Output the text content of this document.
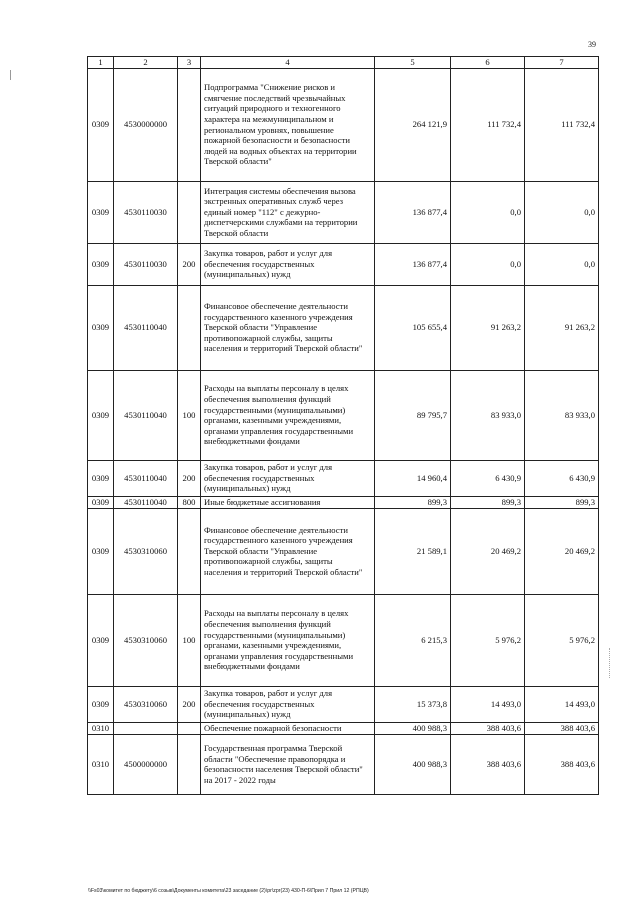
39
1	2	3	4	5	6	7
0309	4530000000		Подпрограмма "Снижение рисков и смягчение последствий чрезвычайных ситуаций природного и техногенного характера на межмуниципальном и региональном уровнях, повышение пожарной безопасности и безопасности людей на водных объектах на территории Тверской области"	264 121,9	111 732,4	111 732,4
0309	4530110030		Интеграция системы обеспечения вызова экстренных оперативных служб через единый номер "112" с дежурно-диспетчерскими службами на территории Тверской области	136 877,4	0,0	0,0
0309	4530110030	200	Закупка товаров, работ и услуг для обеспечения государственных (муниципальных) нужд	136 877,4	0,0	0,0
0309	4530110040		Финансовое обеспечение деятельности государственного казенного учреждения Тверской области "Управление противопожарной службы, защиты населения и территорий Тверской области"	105 655,4	91 263,2	91 263,2
0309	4530110040	100	Расходы на выплаты персоналу в целях обеспечения выполнения функций государственными (муниципальными) органами, казенными учреждениями, органами управления государственными внебюджетными фондами	89 795,7	83 933,0	83 933,0
0309	4530110040	200	Закупка товаров, работ и услуг для обеспечения государственных (муниципальных) нужд	14 960,4	6 430,9	6 430,9
0309	4530110040	800	Иные бюджетные ассигнования	899,3	899,3	899,3
0309	4530310060		Финансовое обеспечение деятельности государственного казенного учреждения Тверской области "Управление противопожарной службы, защиты населения и территорий Тверской области"	21 589,1	20 469,2	20 469,2
0309	4530310060	100	Расходы на выплаты персоналу в целях обеспечения выполнения функций государственными (муниципальными) органами, казенными учреждениями, органами управления государственными внебюджетными фондами	6 215,3	5 976,2	5 976,2
0309	4530310060	200	Закупка товаров, работ и услуг для обеспечения государственных (муниципальных) нужд	15 373,8	14 493,0	14 493,0
0310			Обеспечение пожарной безопасности	400 988,3	388 403,6	388 403,6
0310	4500000000		Государственная программа Тверской области "Обеспечение правопорядка и безопасности населения Тверской области" на 2017 - 2022 годы	400 988,3	388 403,6	388 403,6
\\Fs03\комитет по бюджету\6 созыв\Документы комитета\23 заседание (2)\pr\zpr(23) 430-П-6\Прил 7 Прил 12 (РПЦВ)
